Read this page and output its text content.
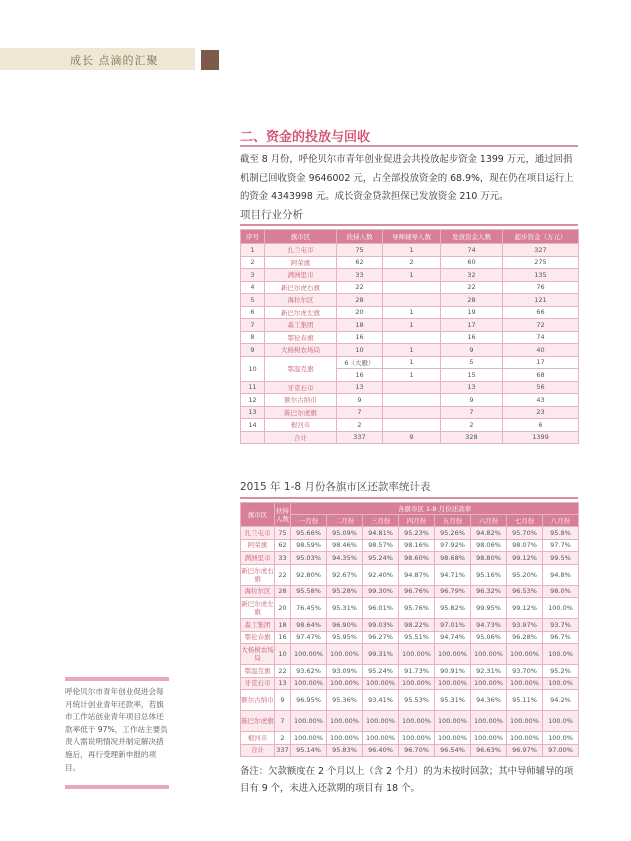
成长 点滴的汇聚
二、资金的投放与回收
截至 8 月份，呼伦贝尔市青年创业促进会共投放起步资金 1399 万元，通过回捐机制已回收资金 9646002 元，占全部投放资金的 68.9%，现在仍在项目运行上的资金 4343998 元。成长资金贷款担保已发放资金 210 万元。
项目行业分析
序号	旗市区	扶持人数	导师辅导人数	发放资金人数	起步资金（万元）
1	扎兰屯市	75	1	74	327
2	阿荣旗	62	2	60	275
3	满洲里市	33	1	32	135
4	新巴尔虎右旗	22		22	76
5	海拉尔区	28		28	121
6	新巴尔虎左旗	20	1	19	66
7	森工集团	18	1	17	72
8	鄂伦春旗	16		16	74
9	大杨树农场局	10	1	9	40
10	鄂温克旗	6（大雁）	1	5	17
		16	1	15	68
11	牙克石市	13		13	56
12	额尔古纳市	9		9	43
13	陈巴尔虎旗	7		7	23
14	根河市	2		2	6
	合计	337	9	328	1399
2015 年 1-8 月份各旗市区还款率统计表
旗市区	扶持人数	各旗市区 1-8 月份还款率							
		一月份	二月份	三月份	四月份	五月份	六月份	七月份	八月份
扎兰屯市	75	95.66%	95.09%	94.81%	95.23%	95.26%	94.82%	95.70%	95.8%
阿荣旗	62	98.59%	98.46%	98.57%	98.16%	97.92%	98.06%	98.07%	97.7%
满洲里市	33	95.03%	94.35%	95.24%	98.60%	98.68%	98.80%	99.12%	99.5%
新巴尔虎右旗	22	92.80%	92.67%	92.40%	94.87%	94.71%	95.16%	95.20%	94.8%
海拉尔区	28	95.58%	95.28%	99.30%	96.76%	96.79%	96.32%	96.53%	98.0%
新巴尔虎左旗	20	76.45%	95.31%	96.01%	95.76%	95.82%	99.95%	99.12%	100.0%
森工集团	18	98.64%	96.90%	99.03%	98.22%	97.01%	94.73%	93.97%	93.7%
鄂伦春旗	16	97.47%	95.95%	96.27%	95.51%	94.74%	95.06%	96.28%	96.7%
大杨树农场局	10	100.00%	100.00%	99.31%	100.00%	100.00%	100.00%	100.00%	100.0%
鄂温克旗	22	93.62%	93.09%	95.24%	91.73%	90.91%	92.31%	93.70%	95.2%
牙克石市	13	100.00%	100.00%	100.00%	100.00%	100.00%	100.00%	100.00%	100.0%
额尔古纳市	9	96.95%	95.36%	93.41%	95.53%	95.31%	94.36%	95.11%	94.2%
陈巴尔虎旗	7	100.00%	100.00%	100.00%	100.00%	100.00%	100.00%	100.00%	100.0%
根河市	2	100.00%	100.00%	100.00%	100.00%	100.00%	100.00%	100.00%	100.0%
合计	337	95.14%	95.83%	96.40%	96.70%	96.54%	96.63%	96.97%	97.00%
备注：欠款额度在 2 个月以上（含 2 个月）的为未按时回款；其中导师辅导的项目有 9 个，未进入还款期的项目有 18 个。
呼伦贝尔市青年创业促进会每月统计创业青年还款率，若旗市工作站创业青年项目总体还款率低于 97%，工作站主要负责人需说明情况并制定解决措施后，再行受理新申报的项目。
